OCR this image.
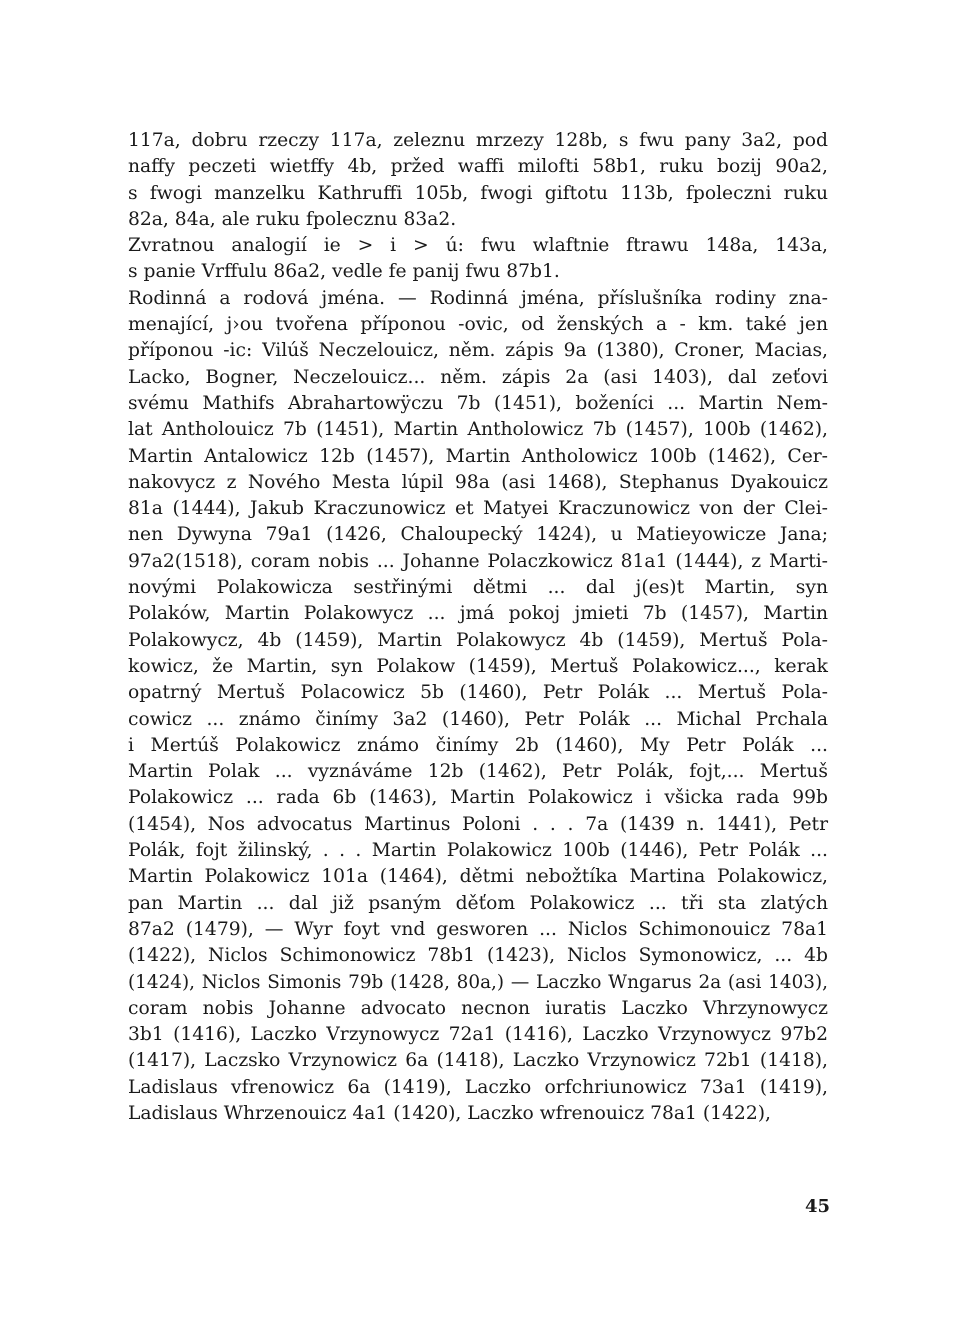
117a, dobru rzeczy 117a, zeleznu mrzezy 128b, s fwu pany 3a2, pod
naffy peczeti wietffy 4b, pržed waffi milofti 58b1, ruku bozij 90a2,
s fwogi manzelku Kathruffi 105b, fwogi giftotu 113b, fpoleczni ruku
82a, 84a, ale ruku fpolecznu 83a2.
Zvratnou analogií ie > i > ú: fwu wlaftnie ftrawu 148a, 143a,
s panie Vrffulu 86a2, vedle fe panij fwu 87b1.
Rodinná a rodová jména. — Rodinná jména, příslušníka rodiny zna-
menající, j›ou tvořena příponou -ovic, od ženských a - km. také jen
příponou -ic: Vilúš Neczelouicz, něm. zápis 9a (1380), Croner, Macias,
Lacko, Bogner, Neczelouicz... něm. zápis 2a (asi 1403), dal zeťovi
svému Mathifs Abrahartowÿczu 7b (1451), boženíci ... Martin Nem-
lat Antholouicz 7b (1451), Martin Antholowicz 7b (1457), 100b (1462),
Martin Antalowicz 12b (1457), Martin Antholowicz 100b (1462), Cer-
nakovycz z Nového Mesta lúpil 98a (asi 1468), Stephanus Dyakouicz
81a (1444), Jakub Kraczunowicz et Matyei Kraczunowicz von der Clei-
nen Dywyna 79a1 (1426, Chaloupecký 1424), u Matieyowicze Jana;
97a2(1518), coram nobis ... Johanne Polaczkowicz 81a1 (1444), z Marti-
novými Polakowicza sestřinými dětmi ... dal j(es)t Martin, syn
Polaków, Martin Polakowycz ... jmá pokoj jmieti 7b (1457), Martin
Polakowycz, 4b (1459), Martin Polakowycz 4b (1459), Mertuš Pola-
kowicz, že Martin, syn Polakow (1459), Mertuš Polakowicz..., kerak
opatrný Mertuš Polacowicz 5b (1460), Petr Polák ... Mertuš Pola-
cowicz ... známo činímy 3a2 (1460), Petr Polák ... Michal Prchala
i Mertúš Polakowicz známo činímy 2b (1460), My Petr Polák ...
Martin Polak ... vyznáváme 12b (1462), Petr Polák, fojt,... Mertuš
Polakowicz ... rada 6b (1463), Martin Polakowicz i všicka rada 99b
(1454), Nos advocatus Martinus Poloni . . . 7a (1439 n. 1441), Petr
Polák, fojt žilinský, . . . Martin Polakowicz 100b (1446), Petr Polák ...
Martin Polakowicz 101a (1464), dětmi nebožtíka Martina Polakowicz,
pan Martin ... dal již psaným děťom Polakowicz ... tři sta zlatých
87a2 (1479), — Wyr foyt vnd gesworen ... Niclos Schimonouicz 78a1
(1422), Niclos Schimonowicz 78b1 (1423), Niclos Symonowicz, ... 4b
(1424), Niclos Simonis 79b (1428, 80a,) — Laczko Wngarus 2a (asi 1403),
coram nobis Johanne advocato necnon iuratis Laczko Vhrzynowycz
3b1 (1416), Laczko Vrzynowycz 72a1 (1416), Laczko Vrzynowycz 97b2
(1417), Laczsko Vrzynowicz 6a (1418), Laczko Vrzynowicz 72b1 (1418),
Ladislaus vfrenowicz 6a (1419), Laczko orfchriunowicz 73a1 (1419),
Ladislaus Whrzenouicz 4a1 (1420), Laczko wfrenouicz 78a1 (1422),
45
